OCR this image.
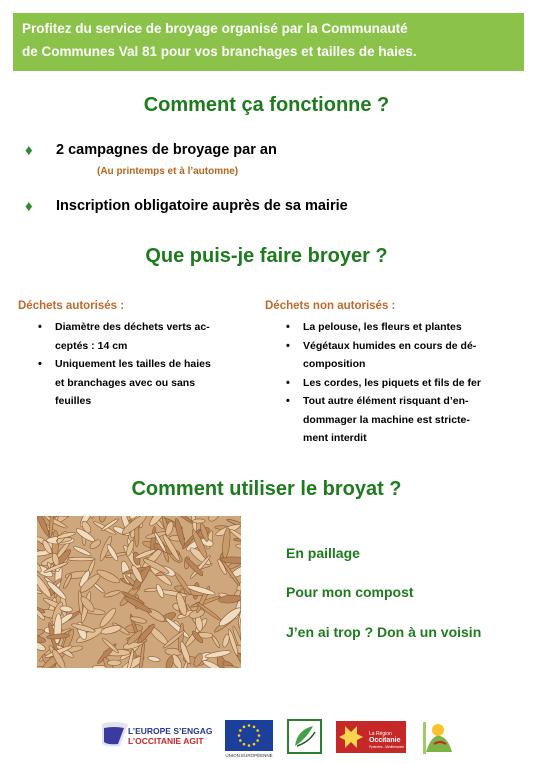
Profitez du service de broyage organisé par la Communauté
de Communes Val 81 pour vos branchages et tailles de haies.
Comment ça fonctionne ?
♦ 2 campagnes de broyage par an
(Au printemps et à l’automne)
♦ Inscription obligatoire auprès de sa mairie
Que puis-je faire broyer ?
Déchets autorisés :
• Diamètre des déchets verts ac-
ceptés : 14 cm
• Uniquement les tailles de haies
et branchages avec ou sans
feuilles
Déchets non autorisés :
• La pelouse, les fleurs et plantes
• Végétaux humides en cours de dé-
composition
• Les cordes, les piquets et fils de fer
• Tout autre élément risquant d’en-
dommager la machine est stricte-
ment interdit
Comment utiliser le broyat ?
En paillage
Pour mon compost
J’en ai trop ? Don à un voisin
L’EUROPE S’ENGAGE
L’OCCITANIE AGIT
UNION EUROPÉENNE
La Région
Occitanie
Pyrénées - Méditerranée
